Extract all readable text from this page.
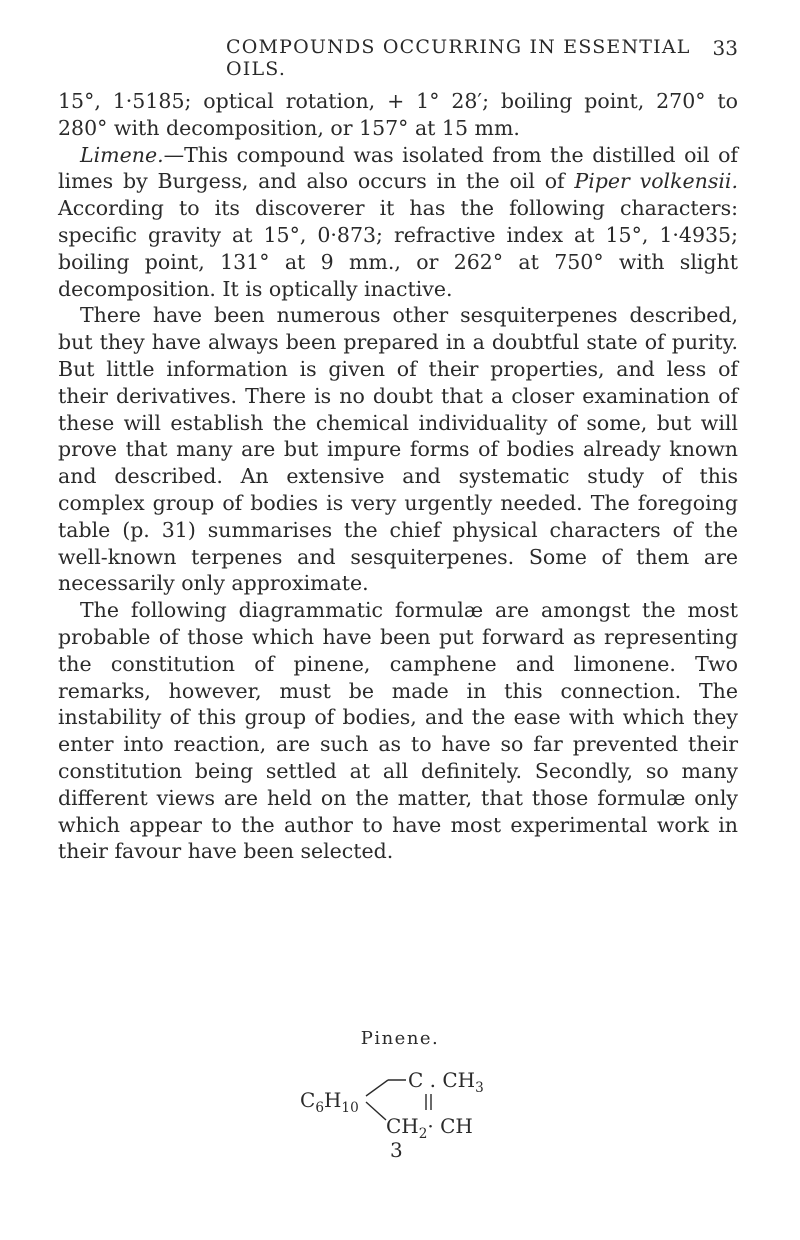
COMPOUNDS OCCURRING IN ESSENTIAL OILS.
33

15°, 1·5185; optical rotation, + 1° 28′; boiling point, 270° to 280° with decomposition, or 157° at 15 mm.

Limene.—This compound was isolated from the distilled oil of limes by Burgess, and also occurs in the oil of Piper volkensii. According to its discoverer it has the following characters: specific gravity at 15°, 0·873; refractive index at 15°, 1·4935; boiling point, 131° at 9 mm., or 262° at 750° with slight decomposition. It is optically inactive.

There have been numerous other sesquiterpenes described, but they have always been prepared in a doubtful state of purity. But little information is given of their properties, and less of their derivatives. There is no doubt that a closer examination of these will establish the chemical individuality of some, but will prove that many are but impure forms of bodies already known and described. An extensive and systematic study of this complex group of bodies is very urgently needed. The foregoing table (p. 31) summarises the chief physical characters of the well-known terpenes and sesquiterpenes. Some of them are necessarily only approximate.

The following diagrammatic formulæ are amongst the most probable of those which have been put forward as representing the constitution of pinene, camphene and limonene. Two remarks, however, must be made in this connection. The instability of this group of bodies, and the ease with which they enter into reaction, are such as to have so far prevented their constitution being settled at all definitely. Secondly, so many different views are held on the matter, that those formulæ only which appear to the author to have most experimental work in their favour have been selected.

Pinene.
$C_6H_{10}$
C . $CH_3$
$CH_2\cdot$ CH
3
